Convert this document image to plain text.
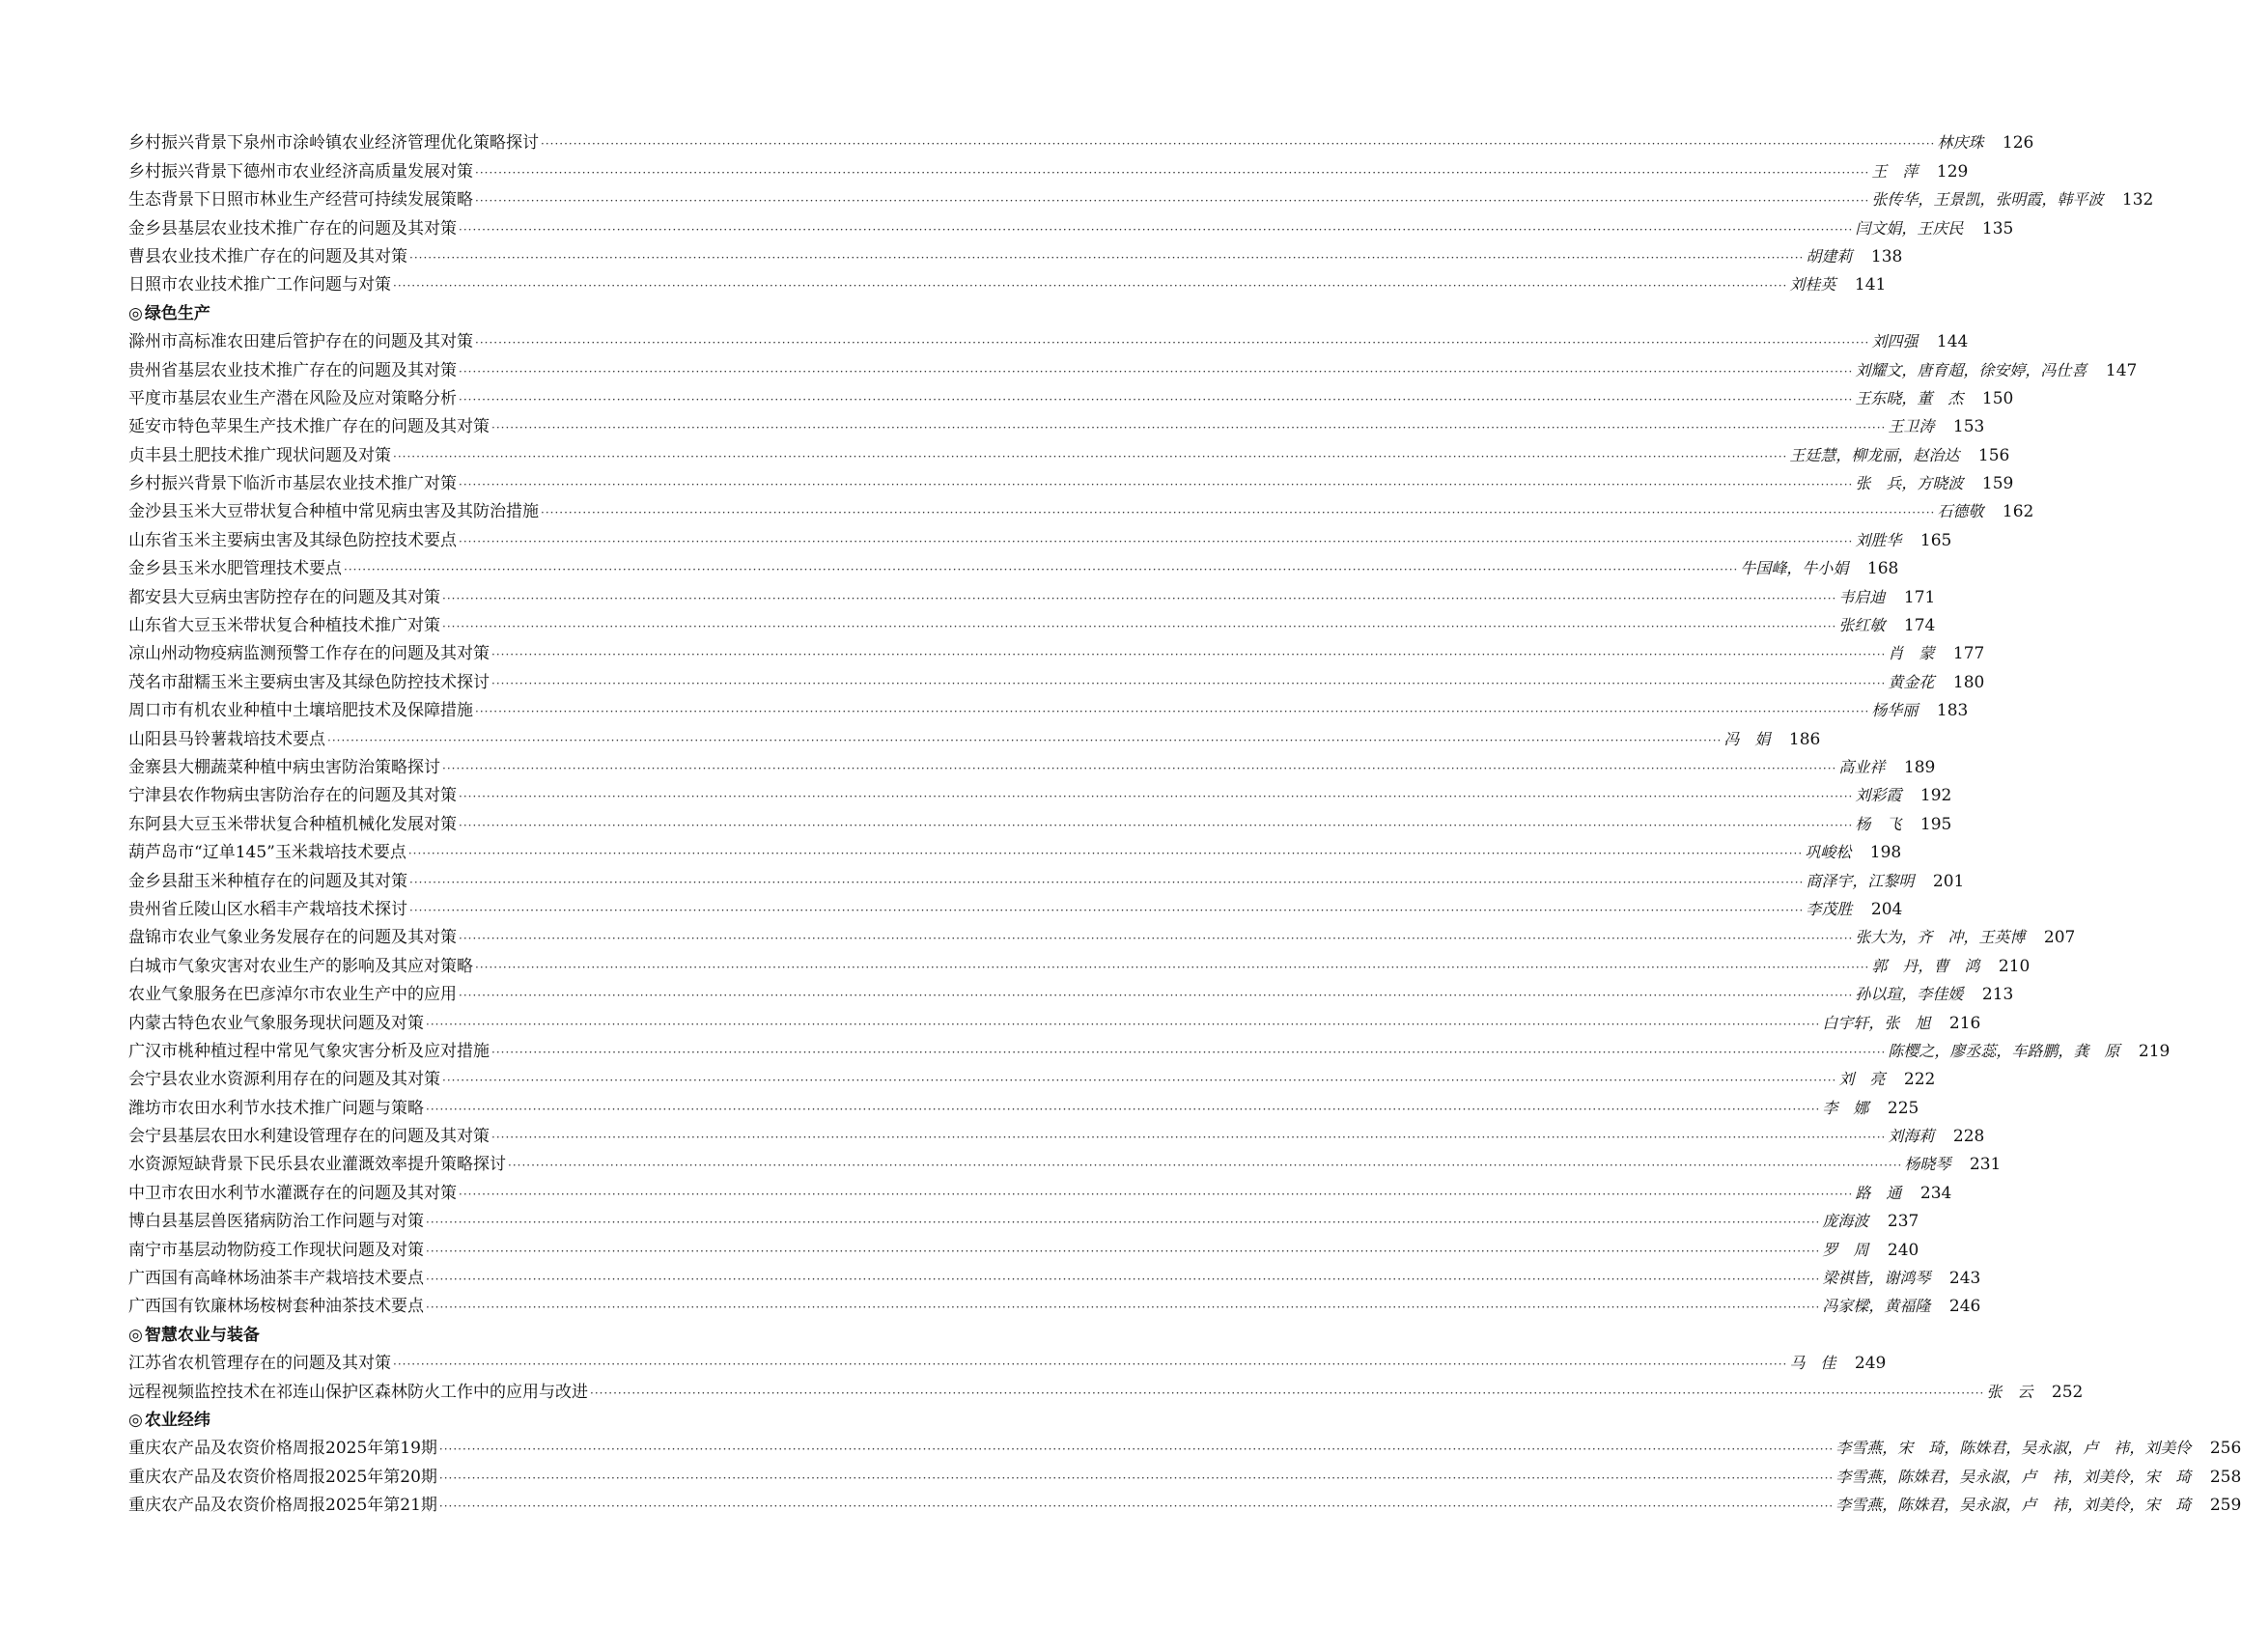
乡村振兴背景下泉州市涂岭镇农业经济管理优化策略探讨 ············································································································································································································································································································ 林庆珠	126
乡村振兴背景下德州市农业经济高质量发展对策 ············································································································································································································································································································ 王　萍	129
生态背景下日照市林业生产经营可持续发展策略 ············································································································································································································································································································ 张传华，王景凯，张明霞，韩平波	132
金乡县基层农业技术推广存在的问题及其对策 ············································································································································································································································································································ 闫文娟，王庆民	135
曹县农业技术推广存在的问题及其对策 ············································································································································································································································································································ 胡建莉	138
日照市农业技术推广工作问题与对策 ············································································································································································································································································································ 刘桂英	141
◎ 绿色生产
滁州市高标准农田建后管护存在的问题及其对策 ············································································································································································································································································································ 刘四强	144
贵州省基层农业技术推广存在的问题及其对策 ············································································································································································································································································································ 刘耀文，唐育超，徐安婷，冯仕喜	147
平度市基层农业生产潜在风险及应对策略分析 ············································································································································································································································································································ 王东晓，董　杰	150
延安市特色苹果生产技术推广存在的问题及其对策 ············································································································································································································································································································ 王卫涛	153
贞丰县土肥技术推广现状问题及对策 ············································································································································································································································································································ 王廷慧，柳龙丽，赵治达	156
乡村振兴背景下临沂市基层农业技术推广对策 ············································································································································································································································································································ 张　兵，方晓波	159
金沙县玉米大豆带状复合种植中常见病虫害及其防治措施 ············································································································································································································································································································ 石德敬	162
山东省玉米主要病虫害及其绿色防控技术要点 ············································································································································································································································································································ 刘胜华	165
金乡县玉米水肥管理技术要点 ············································································································································································································································································································ 牛国峰，牛小娟	168
都安县大豆病虫害防控存在的问题及其对策 ············································································································································································································································································································ 韦启迪	171
山东省大豆玉米带状复合种植技术推广对策 ············································································································································································································································································································ 张红敏	174
凉山州动物疫病监测预警工作存在的问题及其对策 ············································································································································································································································································································ 肖　蒙	177
茂名市甜糯玉米主要病虫害及其绿色防控技术探讨 ············································································································································································································································································································ 黄金花	180
周口市有机农业种植中土壤培肥技术及保障措施 ············································································································································································································································································································ 杨华丽	183
山阳县马铃薯栽培技术要点 ············································································································································································································································································································ 冯　娟	186
金寨县大棚蔬菜种植中病虫害防治策略探讨 ············································································································································································································································································································ 高业祥	189
宁津县农作物病虫害防治存在的问题及其对策 ············································································································································································································································································································ 刘彩霞	192
东阿县大豆玉米带状复合种植机械化发展对策 ············································································································································································································································································································ 杨　飞	195
葫芦岛市“辽单145”玉米栽培技术要点 ············································································································································································································································································································ 巩峻松	198
金乡县甜玉米种植存在的问题及其对策 ············································································································································································································································································································ 商泽宇，江黎明	201
贵州省丘陵山区水稻丰产栽培技术探讨 ············································································································································································································································································································ 李茂胜	204
盘锦市农业气象业务发展存在的问题及其对策 ············································································································································································································································································································ 张大为，齐　冲，王英博	207
白城市气象灾害对农业生产的影响及其应对策略 ············································································································································································································································································································ 郭　丹，曹　鸿	210
农业气象服务在巴彦淖尔市农业生产中的应用 ············································································································································································································································································································ 孙以瑄，李佳媛	213
内蒙古特色农业气象服务现状问题及对策 ············································································································································································································································································································ 白宇轩，张　旭	216
广汉市桃种植过程中常见气象灾害分析及应对措施 ············································································································································································································································································································ 陈樱之，廖丞蕊，车路鹏，龚　原	219
会宁县农业水资源利用存在的问题及其对策 ············································································································································································································································································································ 刘　亮	222
潍坊市农田水利节水技术推广问题与策略 ············································································································································································································································································································ 李　娜	225
会宁县基层农田水利建设管理存在的问题及其对策 ············································································································································································································································································································ 刘海莉	228
水资源短缺背景下民乐县农业灌溉效率提升策略探讨 ············································································································································································································································································································ 杨晓琴	231
中卫市农田水利节水灌溉存在的问题及其对策 ············································································································································································································································································································ 路　通	234
博白县基层兽医猪病防治工作问题与对策 ············································································································································································································································································································ 庞海波	237
南宁市基层动物防疫工作现状问题及对策 ············································································································································································································································································································ 罗　周	240
广西国有高峰林场油茶丰产栽培技术要点 ············································································································································································································································································································ 梁祺皆，谢鸿琴	243
广西国有钦廉林场桉树套种油茶技术要点 ············································································································································································································································································································ 冯家樑，黄福隆	246
◎ 智慧农业与装备
江苏省农机管理存在的问题及其对策 ············································································································································································································································································································ 马　佳	249
远程视频监控技术在祁连山保护区森林防火工作中的应用与改进 ············································································································································································································································································································ 张　云	252
◎ 农业经纬
重庆农产品及农资价格周报2025年第19期 ············································································································································································································································································································ 李雪燕，宋　琦，陈姝君，吴永淑，卢　祎，刘美伶	256
重庆农产品及农资价格周报2025年第20期 ············································································································································································································································································································ 李雪燕，陈姝君，吴永淑，卢　祎，刘美伶，宋　琦	258
重庆农产品及农资价格周报2025年第21期 ············································································································································································································································································································ 李雪燕，陈姝君，吴永淑，卢　祎，刘美伶，宋　琦	259
